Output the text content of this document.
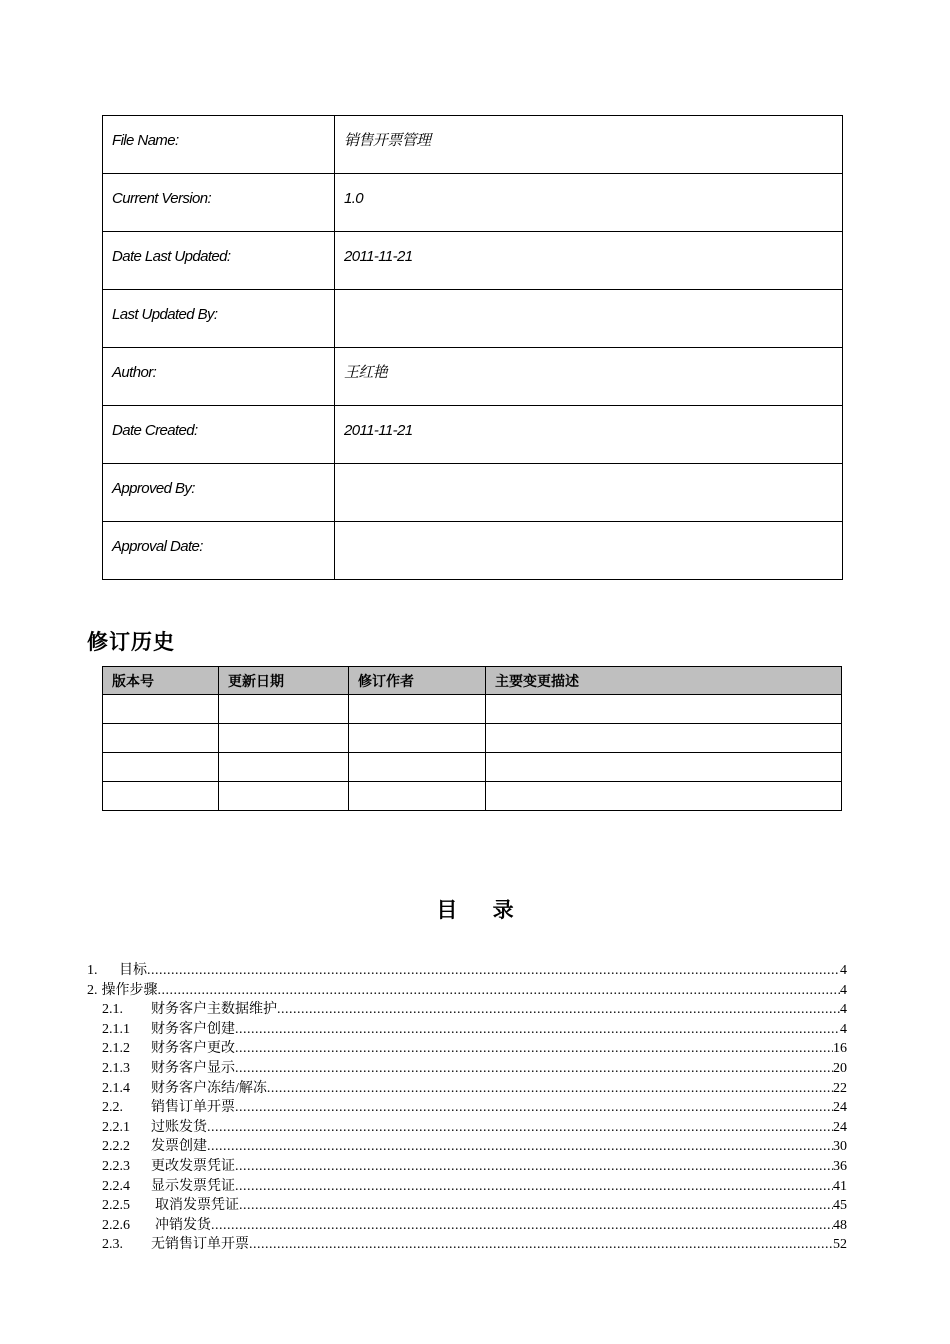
File Name:	销售开票管理
Current Version:	1.0
Date Last Updated:	2011-11-21
Last Updated By:	
Author:	王红艳
Date Created:	2011-11-21
Approved By:	
Approval Date:	
修订历史
版本号	更新日期	修订作者	主要变更描述

目 录
1.	目标 .....	4
2. 操作步骤 .....	4
2.1.	财务客户主数据维护 .....	4
2.1.1	财务客户创建 .....	4
2.1.2	财务客户更改 .....	16
2.1.3	财务客户显示 .....	20
2.1.4	财务客户冻结/解冻 .....	22
2.2.	销售订单开票 .....	24
2.2.1	过账发货 .....	24
2.2.2	发票创建 .....	30
2.2.3	更改发票凭证 .....	36
2.2.4	显示发票凭证 .....	41
2.2.5	取消发票凭证 .....	45
2.2.6	冲销发货 .....	48
2.3.	无销售订单开票 .....	52
